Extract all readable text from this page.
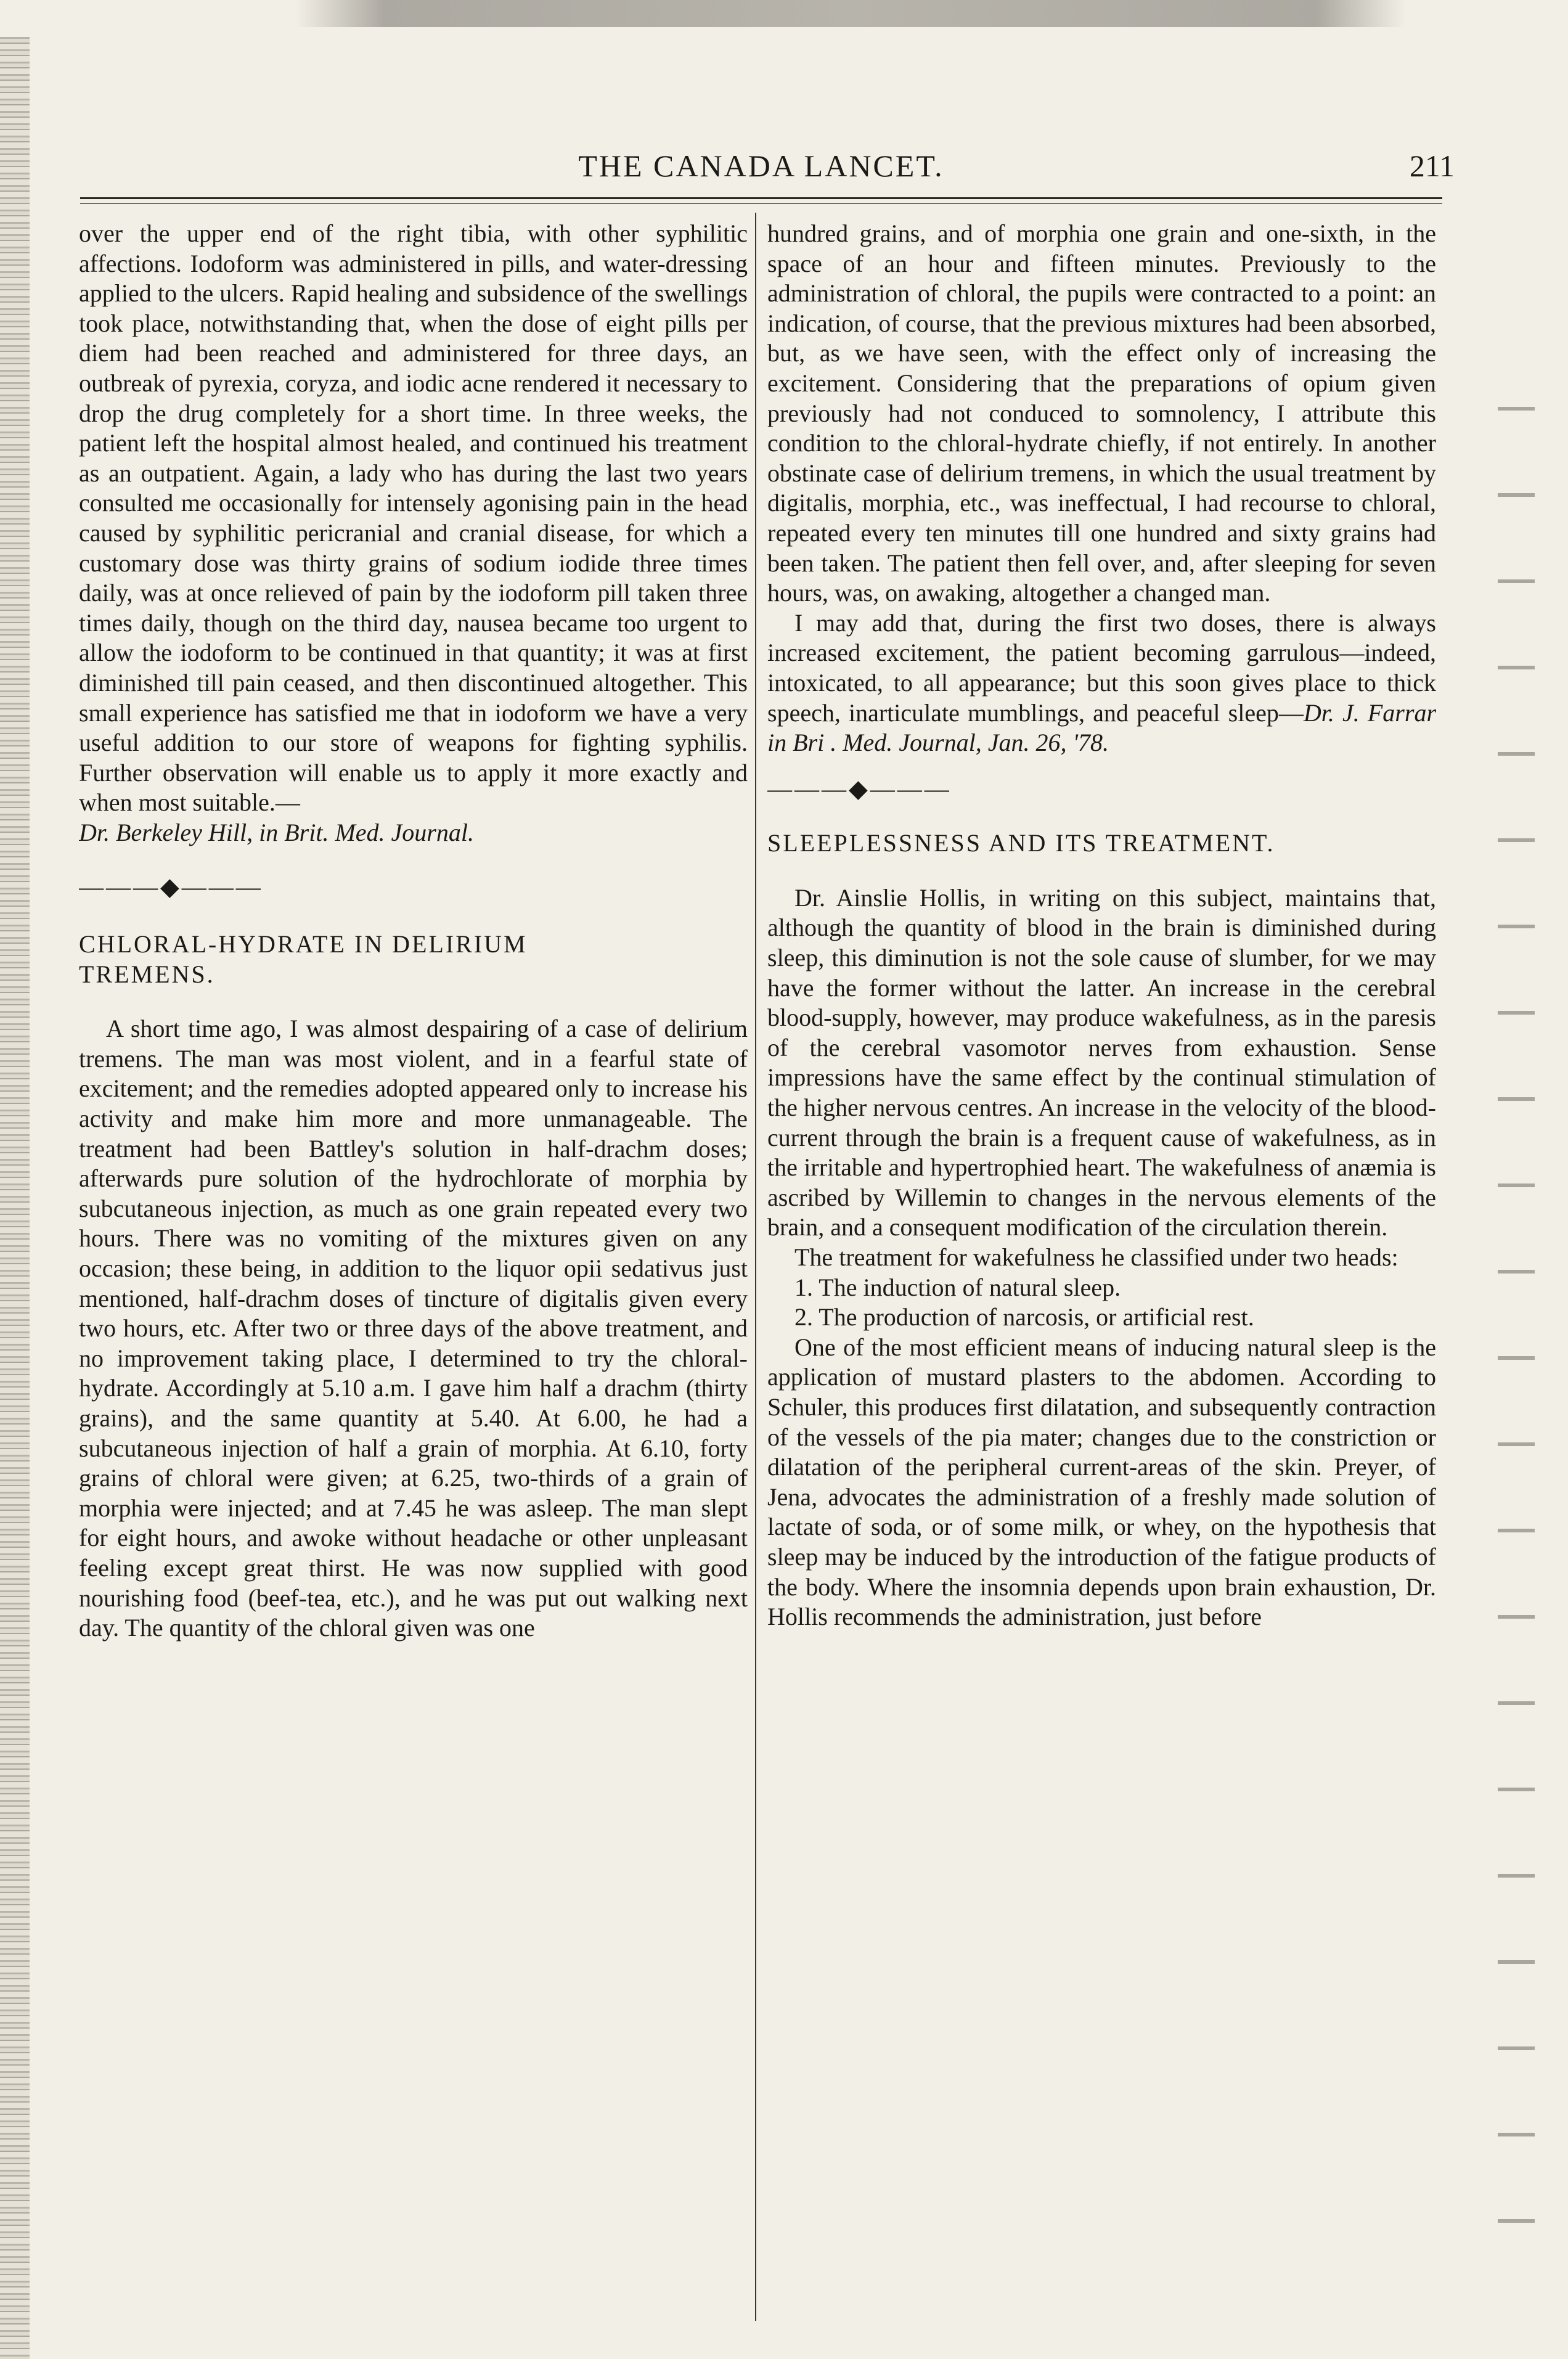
THE CANADA LANCET.	211

over the upper end of the right tibia, with other syphilitic affections. Iodoform was administered in pills, and water-dressing applied to the ulcers. Rapid healing and subsidence of the swellings took place, notwithstanding that, when the dose of eight pills per diem had been reached and administered for three days, an outbreak of pyrexia, coryza, and iodic acne rendered it necessary to drop the drug completely for a short time. In three weeks, the patient left the hospital almost healed, and continued his treatment as an outpatient. Again, a lady who has during the last two years consulted me occasionally for intensely agonising pain in the head caused by syphilitic pericranial and cranial disease, for which a customary dose was thirty grains of sodium iodide three times daily, was at once relieved of pain by the iodoform pill taken three times daily, though on the third day, nausea became too urgent to allow the iodoform to be continued in that quantity; it was at first diminished till pain ceased, and then discontinued altogether. This small experience has satisfied me that in iodoform we have a very useful addition to our store of weapons for fighting syphilis. Further observation will enable us to apply it more exactly and when most suitable.—

Dr. Berkeley Hill, in Brit. Med. Journal.

———◆———

CHLORAL-HYDRATE IN DELIRIUM

TREMENS.

A short time ago, I was almost despairing of a case of delirium tremens. The man was most violent, and in a fearful state of excitement; and the remedies adopted appeared only to increase his activity and make him more and more unmanageable. The treatment had been Battley's solution in half-drachm doses; afterwards pure solution of the hydrochlorate of morphia by subcutaneous injection, as much as one grain repeated every two hours. There was no vomiting of the mixtures given on any occasion; these being, in addition to the liquor opii sedativus just mentioned, half-drachm doses of tincture of digitalis given every two hours, etc. After two or three days of the above treatment, and no improvement taking place, I determined to try the chloral-hydrate. Accordingly at 5.10 a.m. I gave him half a drachm (thirty grains), and the same quantity at 5.40. At 6.00, he had a subcutaneous injection of half a grain of morphia. At 6.10, forty grains of chloral were given; at 6.25, two-thirds of a grain of morphia were injected; and at 7.45 he was asleep. The man slept for eight hours, and awoke without headache or other unpleasant feeling except great thirst. He was now supplied with good nourishing food (beef-tea, etc.), and he was put out walking next day. The quantity of the chloral given was one

hundred grains, and of morphia one grain and one-sixth, in the space of an hour and fifteen minutes. Previously to the administration of chloral, the pupils were contracted to a point: an indication, of course, that the previous mixtures had been absorbed, but, as we have seen, with the effect only of increasing the excitement. Considering that the preparations of opium given previously had not conduced to somnolency, I attribute this condition to the chloral-hydrate chiefly, if not entirely. In another obstinate case of delirium tremens, in which the usual treatment by digitalis, morphia, etc., was ineffectual, I had recourse to chloral, repeated every ten minutes till one hundred and sixty grains had been taken. The patient then fell over, and, after sleeping for seven hours, was, on awaking, altogether a changed man.

I may add that, during the first two doses, there is always increased excitement, the patient becoming garrulous—indeed, intoxicated, to all appearance; but this soon gives place to thick speech, inarticulate mumblings, and peaceful sleep—Dr. J. Farrar in Bri . Med. Journal, Jan. 26, '78.

———◆———

SLEEPLESSNESS AND ITS TREATMENT.

Dr. Ainslie Hollis, in writing on this subject, maintains that, although the quantity of blood in the brain is diminished during sleep, this diminution is not the sole cause of slumber, for we may have the former without the latter. An increase in the cerebral blood-supply, however, may produce wakefulness, as in the paresis of the cerebral vasomotor nerves from exhaustion. Sense impressions have the same effect by the continual stimulation of the higher nervous centres. An increase in the velocity of the blood-current through the brain is a frequent cause of wakefulness, as in the irritable and hypertrophied heart. The wakefulness of anæmia is ascribed by Willemin to changes in the nervous elements of the brain, and a consequent modification of the circulation therein.

The treatment for wakefulness he classified under two heads:

1. The induction of natural sleep.

2. The production of narcosis, or artificial rest.

One of the most efficient means of inducing natural sleep is the application of mustard plasters to the abdomen. According to Schuler, this produces first dilatation, and subsequently contraction of the vessels of the pia mater; changes due to the constriction or dilatation of the peripheral current-areas of the skin. Preyer, of Jena, advocates the administration of a freshly made solution of lactate of soda, or of some milk, or whey, on the hypothesis that sleep may be induced by the introduction of the fatigue products of the body. Where the insomnia depends upon brain exhaustion, Dr. Hollis recommends the administration, just before
